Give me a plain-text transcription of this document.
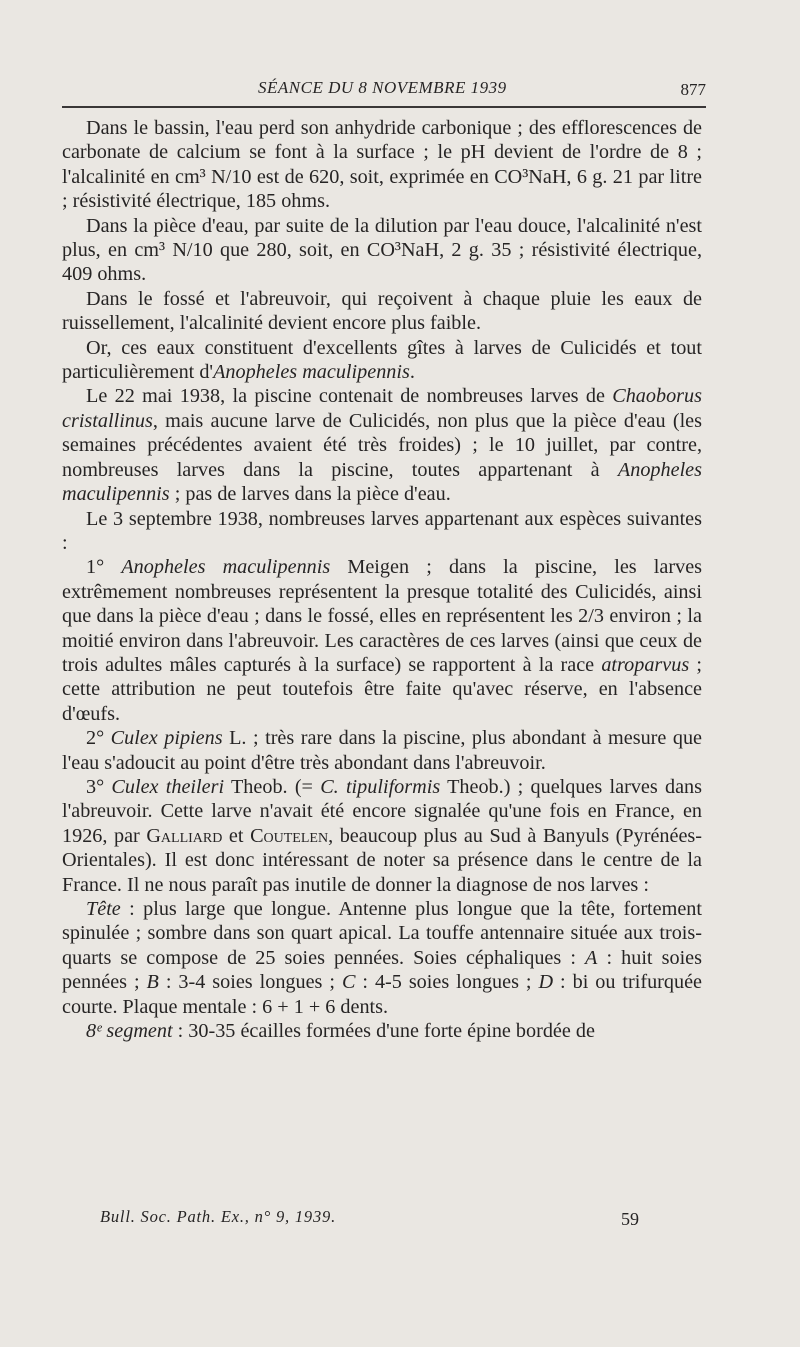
SÉANCE DU 8 NOVEMBRE 1939	877

Dans le bassin, l'eau perd son anhydride carbonique ; des efflorescences de carbonate de calcium se font à la surface ; le pH devient de l'ordre de 8 ; l'alcalinité en cm³ N/10 est de 620, soit, exprimée en CO³NaH, 6 g. 21 par litre ; résistivité électrique, 185 ohms.

Dans la pièce d'eau, par suite de la dilution par l'eau douce, l'alcalinité n'est plus, en cm³ N/10 que 280, soit, en CO³NaH, 2 g. 35 ; résistivité électrique, 409 ohms.

Dans le fossé et l'abreuvoir, qui reçoivent à chaque pluie les eaux de ruissellement, l'alcalinité devient encore plus faible.

Or, ces eaux constituent d'excellents gîtes à larves de Culicidés et tout particulièrement d'Anopheles maculipennis.

Le 22 mai 1938, la piscine contenait de nombreuses larves de Chaoborus cristallinus, mais aucune larve de Culicidés, non plus que la pièce d'eau (les semaines précédentes avaient été très froides) ; le 10 juillet, par contre, nombreuses larves dans la piscine, toutes appartenant à Anopheles maculipennis ; pas de larves dans la pièce d'eau.

Le 3 septembre 1938, nombreuses larves appartenant aux espèces suivantes :

1° Anopheles maculipennis Meigen ; dans la piscine, les larves extrêmement nombreuses représentent la presque totalité des Culicidés, ainsi que dans la pièce d'eau ; dans le fossé, elles en représentent les 2/3 environ ; la moitié environ dans l'abreuvoir. Les caractères de ces larves (ainsi que ceux de trois adultes mâles capturés à la surface) se rapportent à la race atroparvus ; cette attribution ne peut toutefois être faite qu'avec réserve, en l'absence d'œufs.

2° Culex pipiens L. ; très rare dans la piscine, plus abondant à mesure que l'eau s'adoucit au point d'être très abondant dans l'abreuvoir.

3° Culex theileri Theob. (= C. tipuliformis Theob.) ; quelques larves dans l'abreuvoir. Cette larve n'avait été encore signalée qu'une fois en France, en 1926, par Galliard et Coutelen, beaucoup plus au Sud à Banyuls (Pyrénées-Orientales). Il est donc intéressant de noter sa présence dans le centre de la France. Il ne nous paraît pas inutile de donner la diagnose de nos larves :

Tête : plus large que longue. Antenne plus longue que la tête, fortement spinulée ; sombre dans son quart apical. La touffe antennaire située aux trois-quarts se compose de 25 soies pennées. Soies céphaliques : A : huit soies pennées ; B : 3-4 soies longues ; C : 4-5 soies longues ; D : bi ou trifurquée courte. Plaque mentale : 6 + 1 + 6 dents.

8ᵉ segment : 30-35 écailles formées d'une forte épine bordée de

Bull. Soc. Path. Ex., n° 9, 1939.	59
